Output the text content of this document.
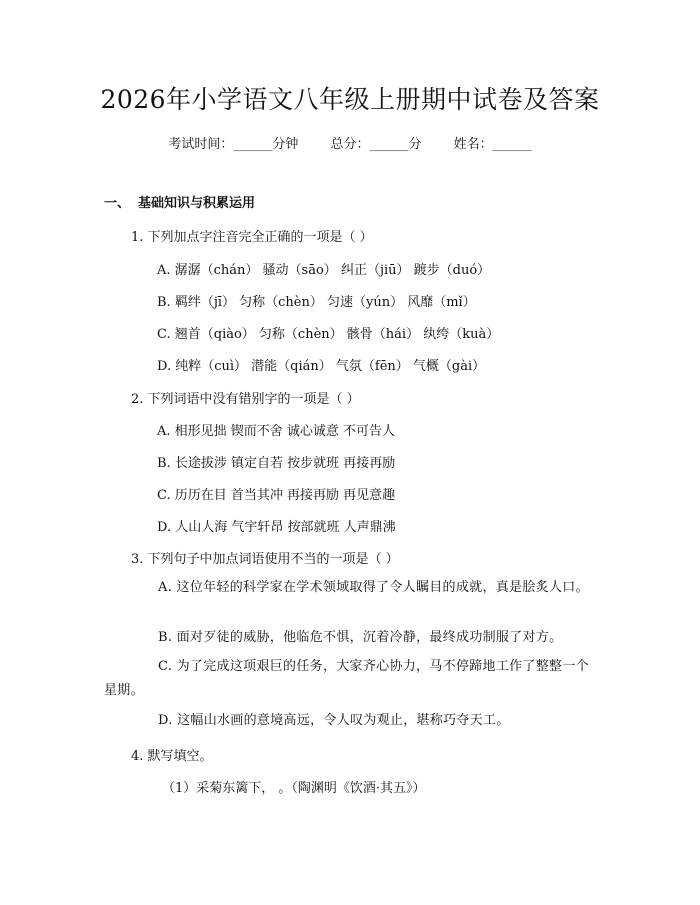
2026年小学语文八年级上册期中试卷及答案
考试时间：______分钟 总分：______分 姓名：______
一、 基础知识与积累运用
1. 下列加点字注音完全正确的一项是（ ）
A. 潺潺（chán） 骚动（sāo） 纠正（jiū） 踱步（duó）
B. 羁绊（jī） 匀称（chèn） 匀速（yún） 风靡（mǐ）
C. 翘首（qiào） 匀称（chèn） 骸骨（hái） 纨绔（kuà）
D. 纯粹（cuì） 潜能（qián） 气氛（fēn） 气概（gài）
2. 下列词语中没有错别字的一项是（ ）
A. 相形见拙 锲而不舍 诚心诚意 不可告人
B. 长途拔涉 镇定自若 按步就班 再接再励
C. 历历在目 首当其冲 再接再励 再见意趣
D. 人山人海 气宇轩昂 按部就班 人声鼎沸
3. 下列句子中加点词语使用不当的一项是（ ）
A. 这位年轻的科学家在学术领域取得了令人瞩目的成就，真是脍炙人口。
B. 面对歹徒的威胁，他临危不惧，沉着冷静，最终成功制服了对方。
C. 为了完成这项艰巨的任务，大家齐心协力，马不停蹄地工作了整整一个星期。
D. 这幅山水画的意境高远，令人叹为观止，堪称巧夺天工。
4. 默写填空。
（1）采菊东篱下， 。（陶渊明《饮酒·其五》）
